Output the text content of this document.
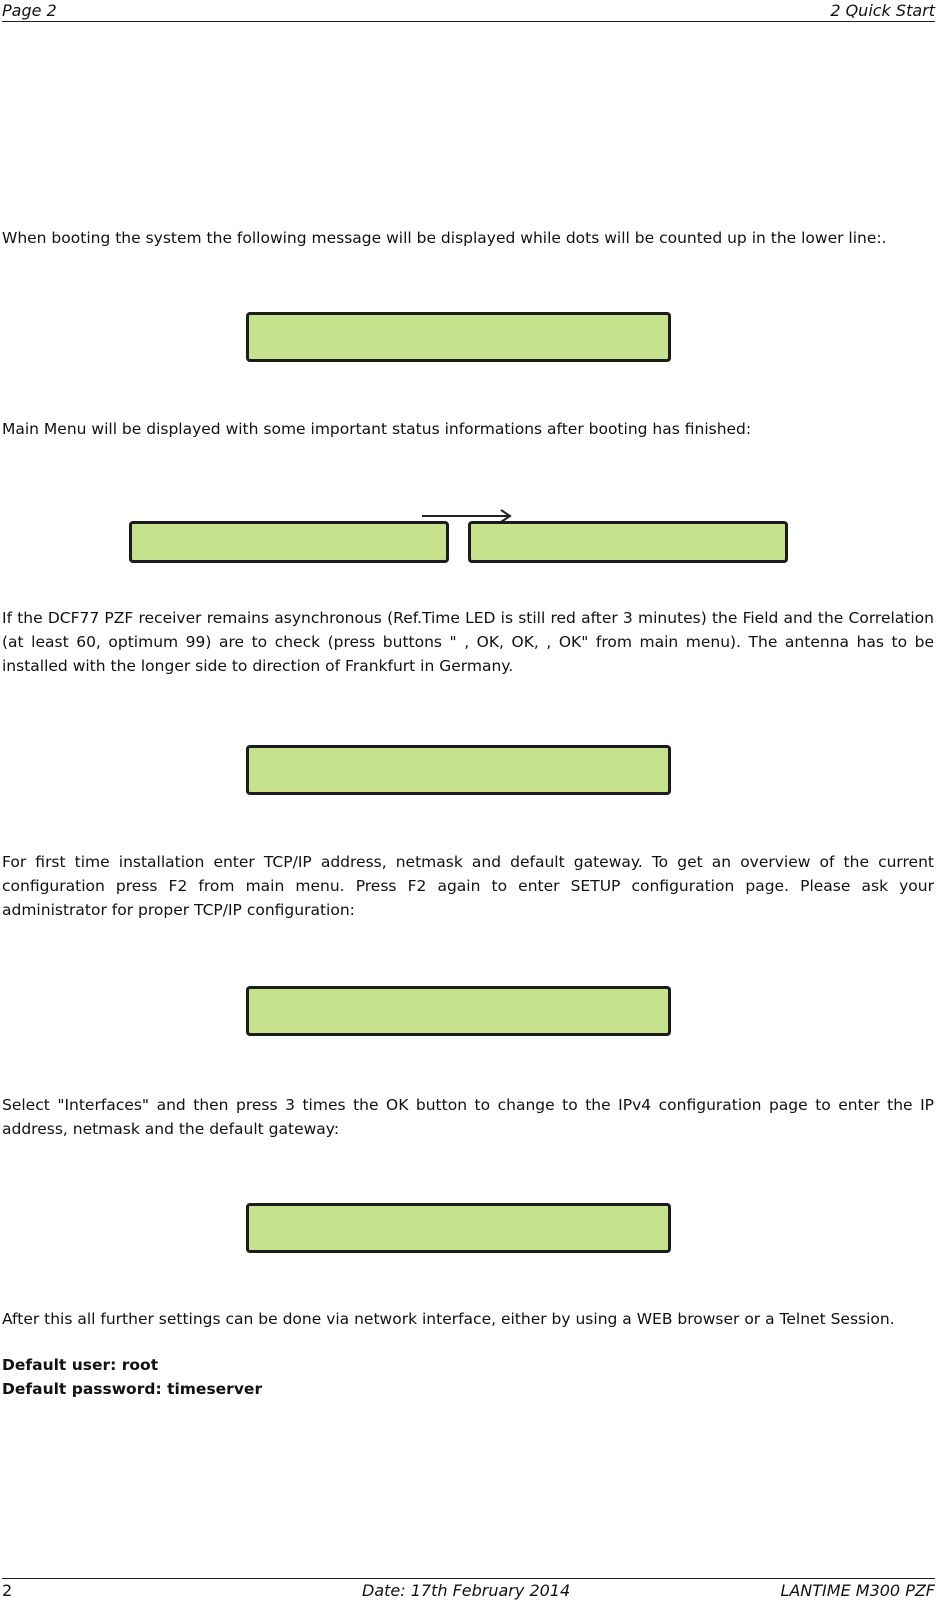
Page 2	2 Quick Start
When booting the system the following message will be displayed while dots will be counted up in the lower line:.
Main Menu will be displayed with some important status informations after booting has finished:
If the DCF77 PZF receiver remains asynchronous (Ref.Time LED is still red after 3 minutes) the Field and the Correlation (at least 60, optimum 99) are to check (press buttons " , OK, OK, , OK" from main menu). The antenna has to be installed with the longer side to direction of Frankfurt in Germany.
For first time installation enter TCP/IP address, netmask and default gateway. To get an overview of the current configuration press F2 from main menu. Press F2 again to enter SETUP configuration page. Please ask your administrator for proper TCP/IP configuration:
Select "Interfaces" and then press 3 times the OK button to change to the IPv4 configuration page to enter the IP address, netmask and the default gateway:
After this all further settings can be done via network interface, either by using a WEB browser or a Telnet Session.
Default user: root
Default password: timeserver
2	Date: 17th February 2014	LANTIME M300 PZF
